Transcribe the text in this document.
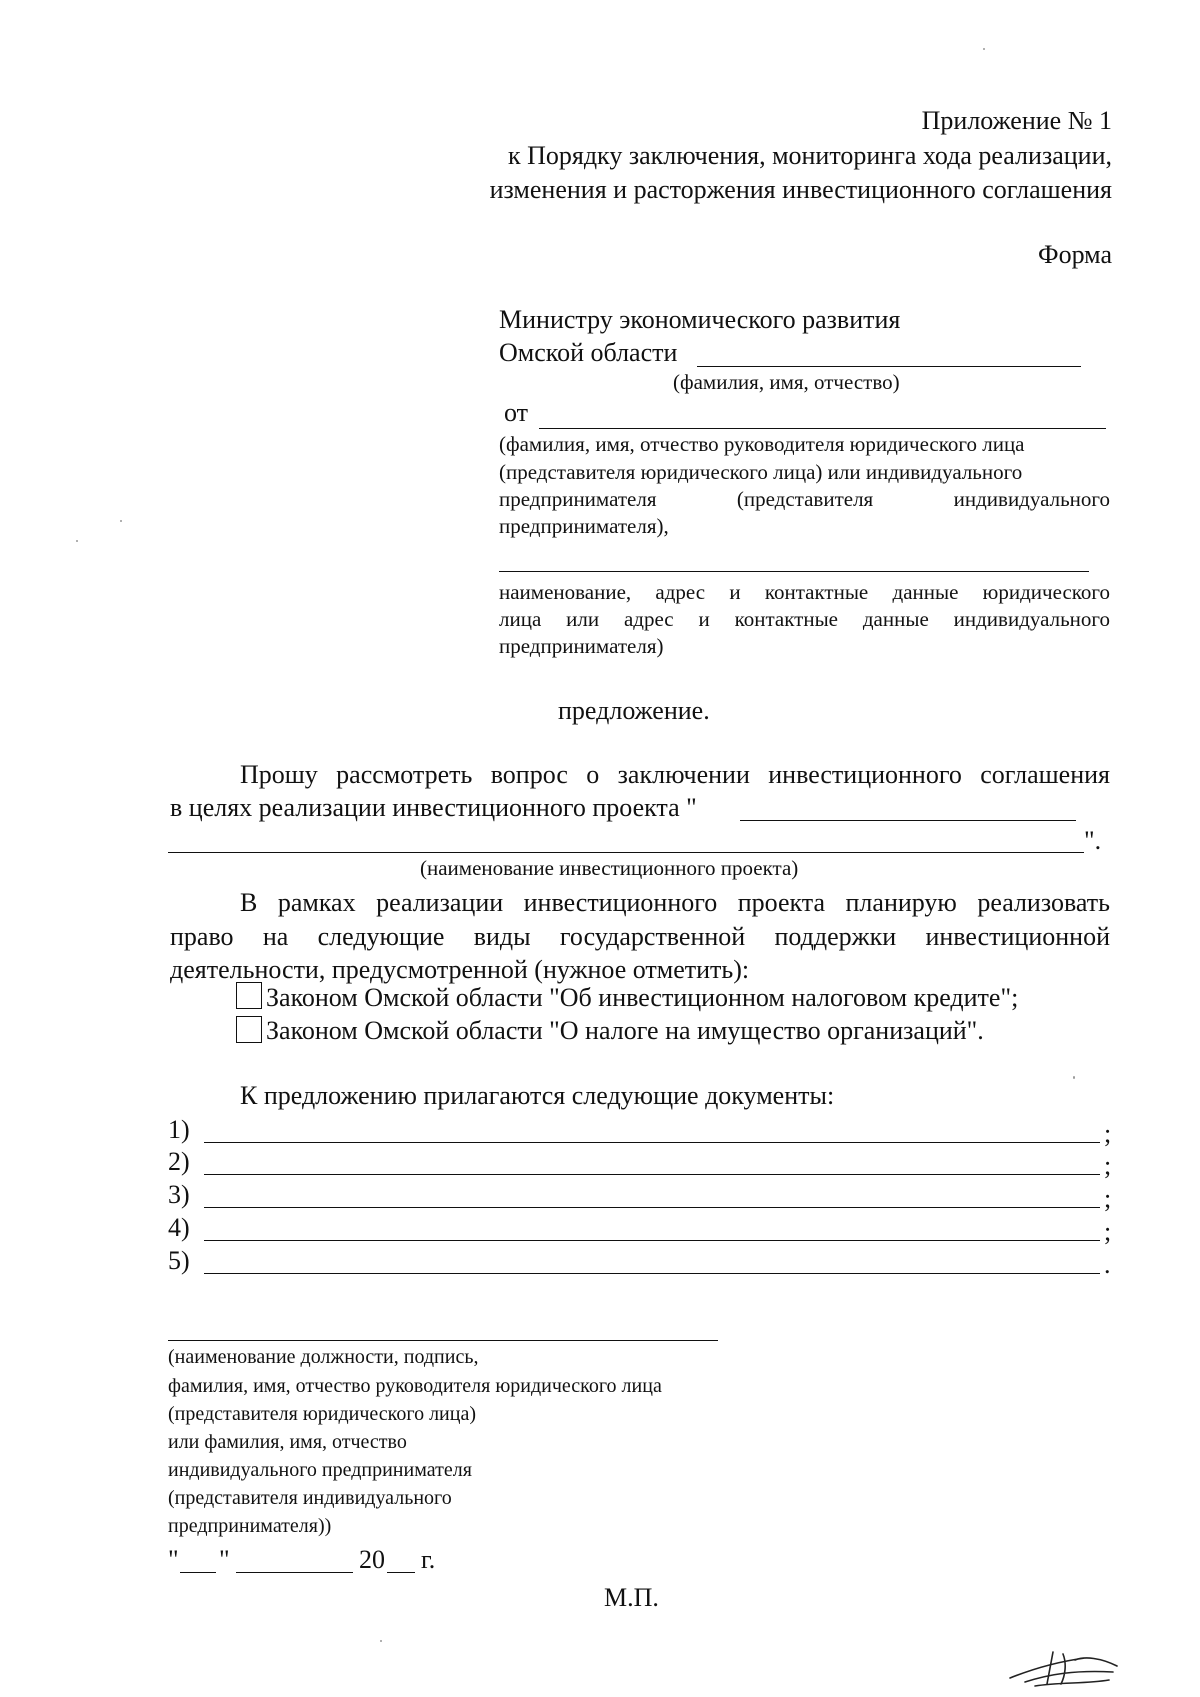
Приложение № 1
к Порядку заключения, мониторинга хода реализации,
изменения и расторжения инвестиционного соглашения
Форма
Министру экономического развития
Омской области
(фамилия, имя, отчество)
от
(фамилия, имя, отчество руководителя юридического лица
(представителя юридического лица) или индивидуального
предпринимателя (представителя индивидуального
предпринимателя),
наименование, адрес и контактные данные юридического
лица или адрес и контактные данные индивидуального
предпринимателя)
предложение.
Прошу рассмотреть вопрос о заключении инвестиционного соглашения
в целях реализации инвестиционного проекта "
".
(наименование инвестиционного проекта)
В рамках реализации инвестиционного проекта планирую реализовать
право на следующие виды государственной поддержки инвестиционной
деятельности, предусмотренной (нужное отметить):
Законом Омской области "Об инвестиционном налоговом кредите";
Законом Омской области "О налоге на имущество организаций".
К предложению прилагаются следующие документы:
1)	;
2)	;
3)	;
4)	;
5)	.
(наименование должности, подпись,
фамилия, имя, отчество руководителя юридического лица
(представителя юридического лица)
или фамилия, имя, отчество
индивидуального предпринимателя
(представителя индивидуального
предпринимателя))
" "	20 г.
М.П.
